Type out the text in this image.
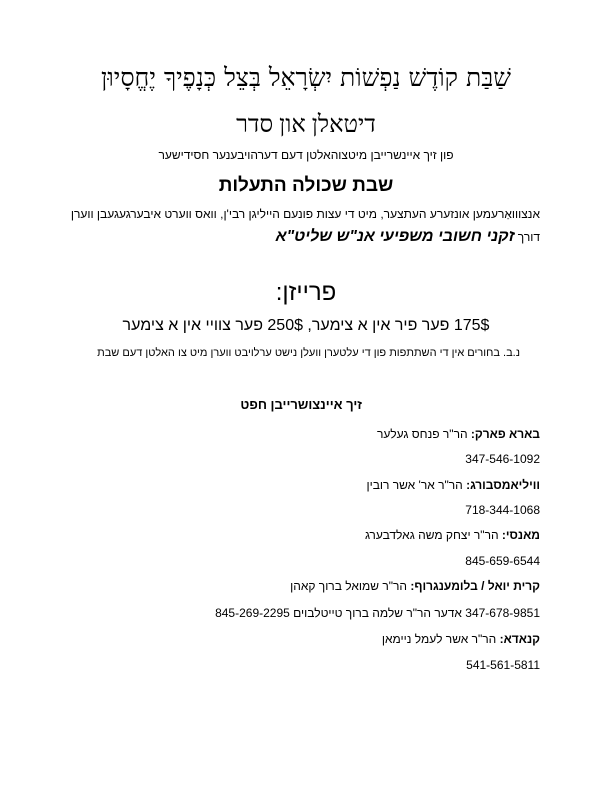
שַׁבַּת קוֹדֶשׁ נַפְשׁוֹת יִשְׂרָאֵל בְּצֵל כְּנָפֶיךָ יֶחֱסָיוּן
דיטאלן און סדר
פון זיך איינשרייבן מיטצוהאלטן דעם דערהויבענער חסידישער
שבת שכולה התעלות
אנצווואַרעמען אונזערע העתצער, מיט די עצות פונעם הייליגן רבי'ן, וואס ווערט איבערגעגעבן ווערן
דורך זקני חשובי משפיעי אנ"ש שליט"א
פרייזן:
175$ פער פיר אין א צימער, 250$ פער צוויי אין א צימער
נ.ב. בחורים אין די השתתפות פון די עלטערן וועלן נישט ערלויבט ווערן מיט צו האלטן דעם שבת
זיך איינצושרייבן חפט
בארא פארק: הר"ר פנחס געלער
347-546-1092
וויליאמסבורג: הר"ר אר' אשר רובין
718-344-1068
מאנסי: הר"ר יצחק משה גאלדבערג
845-659-6544
קרית יואל / בלומענגרוף: הר"ר שמואל ברוך קאהן
347-678-9851 אדער הר"ר שלמה ברוך טייטלבוים 845-269-2295
קנאדא: הר"ר אשר לעמל ניימאן
541-561-5811
